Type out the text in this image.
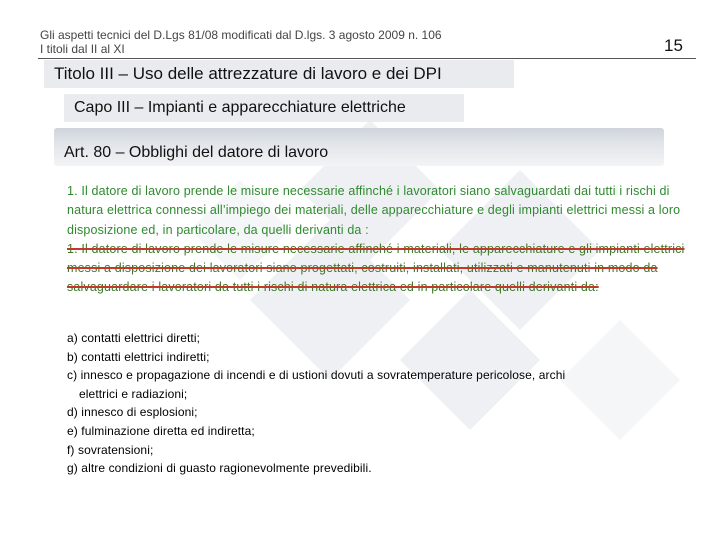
Gli aspetti tecnici del D.Lgs 81/08 modificati dal D.lgs. 3 agosto 2009 n. 106
I titoli dal II al XI	15
Titolo III – Uso delle attrezzature di lavoro e dei DPI
Capo III – Impianti e apparecchiature elettriche
Art. 80 – Obblighi del datore di lavoro
1. Il datore di lavoro prende le misure necessarie affinché i lavoratori siano salvaguardati dai tutti i rischi di natura elettrica connessi all’impiego dei materiali, delle apparecchiature e degli impianti elettrici messi a loro disposizione ed, in particolare, da quelli derivanti da :
1. Il datore di lavoro prende le misure necessarie affinché i materiali, le apparecchiature e gli impianti elettrici messi a disposizione dei lavoratori siano progettati, costruiti, installati, utilizzati e manutenuti in modo da salvaguardare i lavoratori da tutti i rischi di natura elettrica ed in particolare quelli derivanti da:
a) contatti elettrici diretti;
b) contatti elettrici indiretti;
c) innesco e propagazione di incendi e di ustioni dovuti a sovratemperature pericolose, archi
elettrici e radiazioni;
d) innesco di esplosioni;
e) fulminazione diretta ed indiretta;
f) sovratensioni;
g) altre condizioni di guasto ragionevolmente prevedibili.
